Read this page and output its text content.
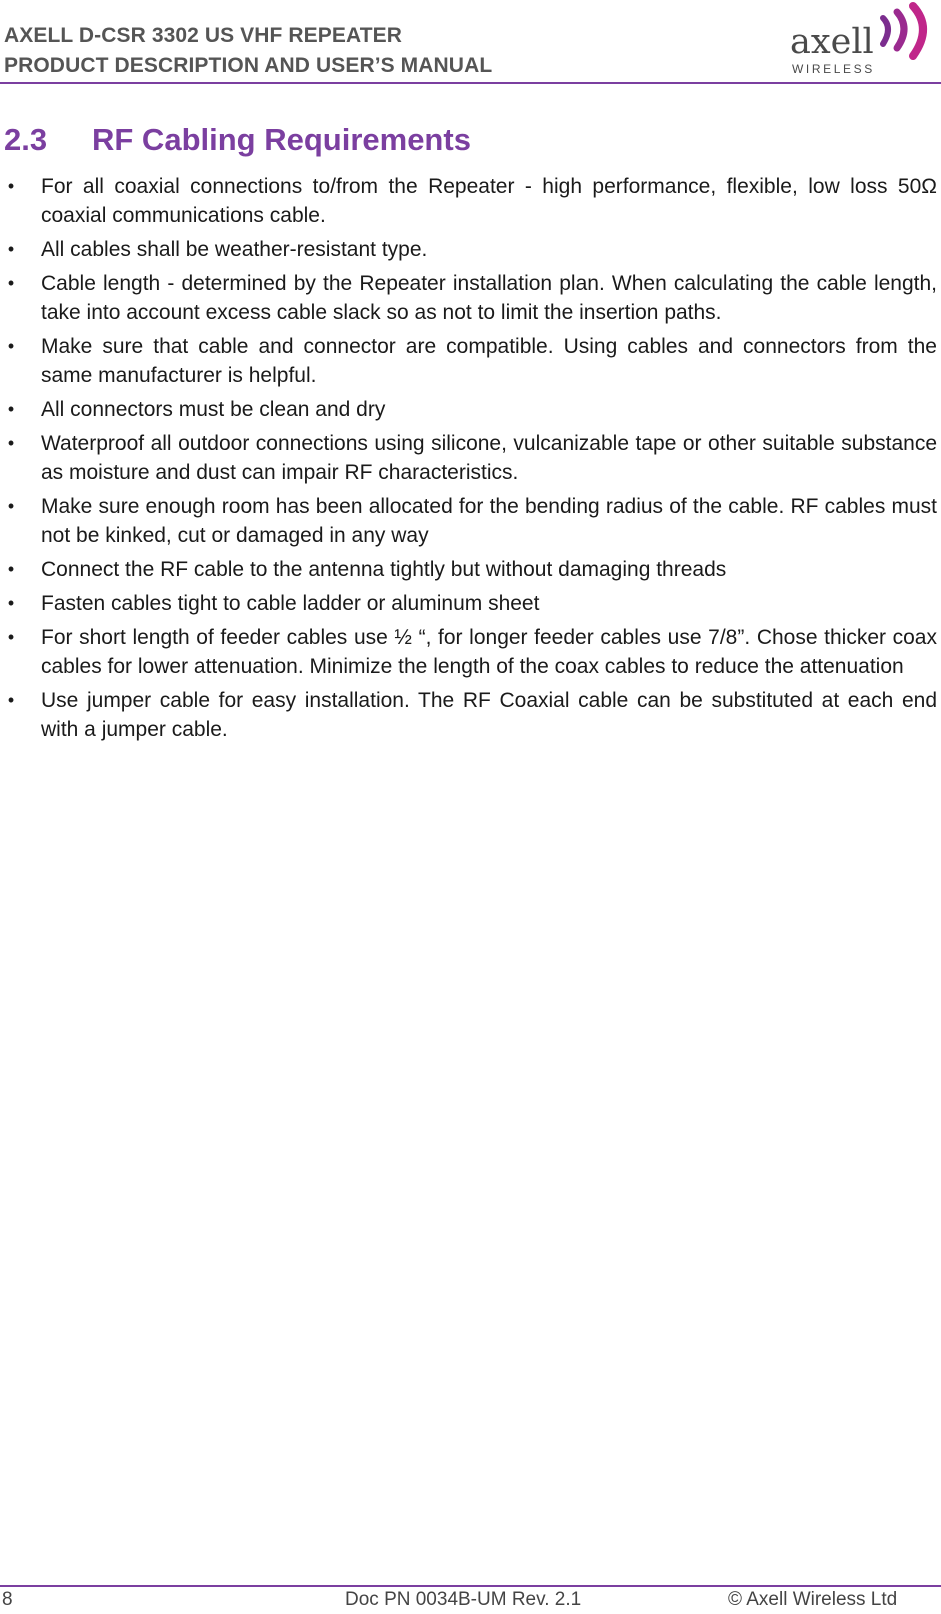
AXELL D-CSR 3302 US VHF REPEATER
PRODUCT DESCRIPTION AND USER’S MANUAL
axell
WIRELESS
2.3 RF Cabling Requirements
• For all coaxial connections to/from the Repeater - high performance, flexible, low loss 50Ω coaxial communications cable.
• All cables shall be weather-resistant type.
• Cable length - determined by the Repeater installation plan. When calculating the cable length, take into account excess cable slack so as not to limit the insertion paths.
• Make sure that cable and connector are compatible. Using cables and connectors from the same manufacturer is helpful.
• All connectors must be clean and dry
• Waterproof all outdoor connections using silicone, vulcanizable tape or other suitable substance as moisture and dust can impair RF characteristics.
• Make sure enough room has been allocated for the bending radius of the cable. RF cables must not be kinked, cut or damaged in any way
• Connect the RF cable to the antenna tightly but without damaging threads
• Fasten cables tight to cable ladder or aluminum sheet
• For short length of feeder cables use ½ “, for longer feeder cables use 7/8”. Chose thicker coax cables for lower attenuation. Minimize the length of the coax cables to reduce the attenuation
• Use jumper cable for easy installation. The RF Coaxial cable can be substituted at each end with a jumper cable.
8	Doc PN 0034B-UM Rev. 2.1	© Axell Wireless Ltd
